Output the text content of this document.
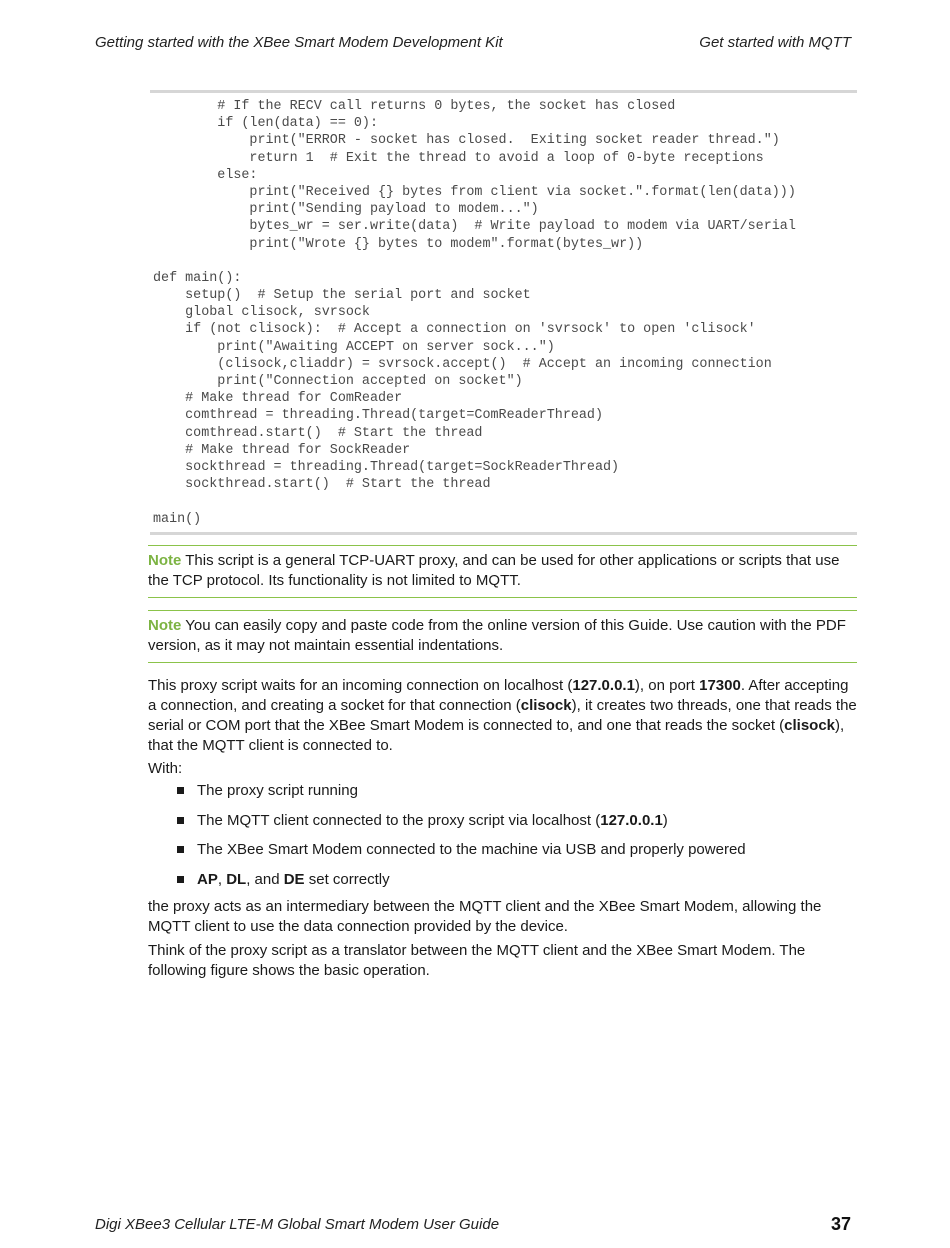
Getting started with the XBee Smart Modem Development Kit	Get started with MQTT
# If the RECV call returns 0 bytes, the socket has closed
if (len(data) == 0):
print("ERROR - socket has closed.  Exiting socket reader thread.")
return 1  # Exit the thread to avoid a loop of 0-byte receptions
else:
print("Received {} bytes from client via socket.".format(len(data)))
print("Sending payload to modem...")
bytes_wr = ser.write(data)  # Write payload to modem via UART/serial
print("Wrote {} bytes to modem".format(bytes_wr))
def main():
setup()  # Setup the serial port and socket
global clisock, svrsock
if (not clisock):  # Accept a connection on 'svrsock' to open 'clisock'
print("Awaiting ACCEPT on server sock...")
(clisock,cliaddr) = svrsock.accept()  # Accept an incoming connection
print("Connection accepted on socket")
# Make thread for ComReader
comthread = threading.Thread(target=ComReaderThread)
comthread.start()  # Start the thread
# Make thread for SockReader
sockthread = threading.Thread(target=SockReaderThread)
sockthread.start()  # Start the thread
main()
Note This script is a general TCP-UART proxy, and can be used for other applications or scripts that use the TCP protocol. Its functionality is not limited to MQTT.
Note You can easily copy and paste code from the online version of this Guide. Use caution with the PDF version, as it may not maintain essential indentations.
This proxy script waits for an incoming connection on localhost (127.0.0.1), on port 17300. After accepting a connection, and creating a socket for that connection (clisock), it creates two threads, one that reads the serial or COM port that the XBee Smart Modem is connected to, and one that reads the socket (clisock), that the MQTT client is connected to.
With:
The proxy script running
The MQTT client connected to the proxy script via localhost (127.0.0.1)
The XBee Smart Modem connected to the machine via USB and properly powered
AP, DL, and DE set correctly
the proxy acts as an intermediary between the MQTT client and the XBee Smart Modem, allowing the MQTT client to use the data connection provided by the device.
Think of the proxy script as a translator between the MQTT client and the XBee Smart Modem. The following figure shows the basic operation.
Digi XBee3 Cellular LTE-M Global Smart Modem User Guide	37
